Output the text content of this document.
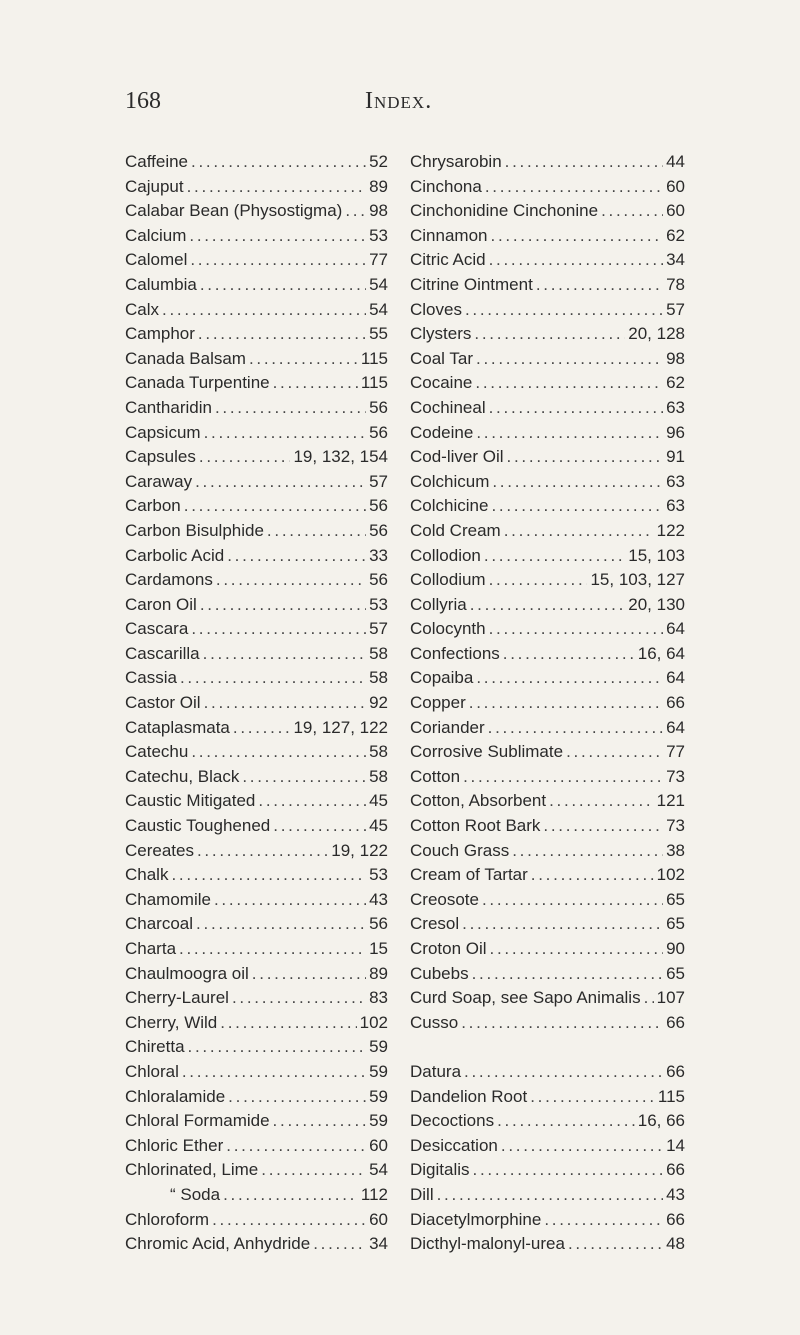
168	Index.
Caffeine . . .	52
Cajuput . . .	89
Calabar Bean (Physostigma) . . . 98
Calcium . . .	53
Calomel . . .	77
Calumbia . . .	54
Calx . . .	54
Camphor . . .	55
Canada Balsam . . .	115
Canada Turpentine . . .	115
Cantharidin . . .	56
Capsicum . . .	56
Capsules . . .	19, 132, 154
Caraway . . .	57
Carbon . . .	56
Carbon Bisulphide . . .	56
Carbolic Acid . . .	33
Cardamons . . .	56
Caron Oil . . .	53
Cascara . . .	57
Cascarilla . . .	58
Cassia . . .	58
Castor Oil . . .	92
Cataplasmata . . .	19, 127, 122
Catechu . . .	58
Catechu, Black . . .	58
Caustic Mitigated . . .	45
Caustic Toughened . . .	45
Cereates . . .	19, 122
Chalk . . .	53
Chamomile . . .	43
Charcoal . . .	56
Charta . . .	15
Chaulmoogra oil . . .	89
Cherry-Laurel . . .	83
Cherry, Wild . . .	102
Chiretta . . .	59
Chloral . . .	59
Chloralamide . . .	59
Chloral Formamide . . .	59
Chloric Ether . . .	60
Chlorinated, Lime . . .	54
“ Soda . . .	112
Chloroform . . .	60
Chromic Acid, Anhydride . . .	34
Chrysarobin . . .	44
Cinchona . . .	60
Cinchonidine Cinchonine . . .	60
Cinnamon . . .	62
Citric Acid . . .	34
Citrine Ointment . . .	78
Cloves . . .	57
Clysters . . .	20, 128
Coal Tar . . .	98
Cocaine . . .	62
Cochineal . . .	63
Codeine . . .	96
Cod-liver Oil . . .	91
Colchicum . . .	63
Colchicine . . .	63
Cold Cream . . .	122
Collodion . . .	15, 103
Collodium . . .	15, 103, 127
Collyria . . .	20, 130
Colocynth . . .	64
Confections . . .	16, 64
Copaiba . . .	64
Copper . . .	66
Coriander . . .	64
Corrosive Sublimate . . .	77
Cotton . . .	73
Cotton, Absorbent . . .	121
Cotton Root Bark . . .	73
Couch Grass . . .	38
Cream of Tartar . . .	102
Creosote . . .	65
Cresol . . .	65
Croton Oil . . .	90
Cubebs . . .	65
Curd Soap, see Sapo Animalis . . . 107
Cusso . . .	66
Datura . . .	66
Dandelion Root . . .	115
Decoctions . . .	16, 66
Desiccation . . .	14
Digitalis . . .	66
Dill . . .	43
Diacetylmorphine . . .	66
Dicthyl-malonyl-urea . . .	48
